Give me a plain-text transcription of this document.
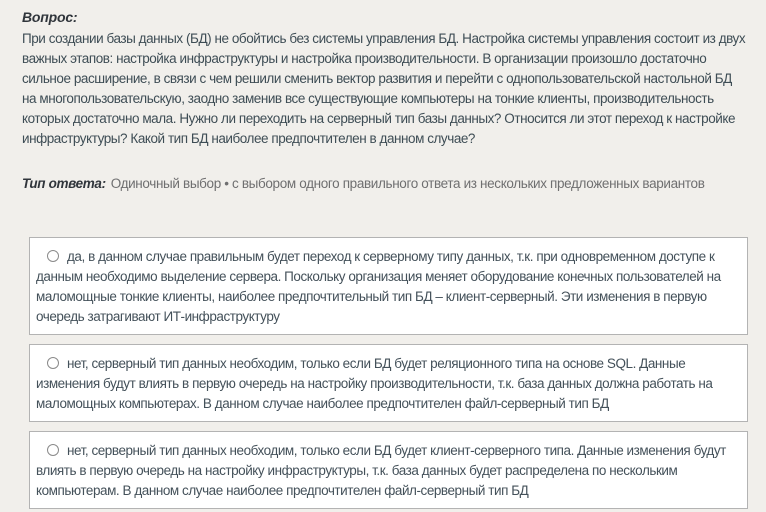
Вопрос:
При создании базы данных (БД) не обойтись без системы управления БД. Настройка системы управления состоит из двух важных этапов: настройка инфраструктуры и настройка производительности. В организации произошло достаточно сильное расширение, в связи с чем решили сменить вектор развития и перейти с однопользовательской настольной БД на многопользовательскую, заодно заменив все существующие компьютеры на тонкие клиенты, производительность которых достаточно мала. Нужно ли переходить на серверный тип базы данных? Относится ли этот переход к настройке инфраструктуры? Какой тип БД наиболее предпочтителен в данном случае?
Тип ответа: Одиночный выбор • с выбором одного правильного ответа из нескольких предложенных вариантов
да, в данном случае правильным будет переход к серверному типу данных, т.к. при одновременном доступе к данным необходимо выделение сервера. Поскольку организация меняет оборудование конечных пользователей на маломощные тонкие клиенты, наиболее предпочтительный тип БД – клиент-серверный. Эти изменения в первую очередь затрагивают ИТ-инфраструктуру
нет, серверный тип данных необходим, только если БД будет реляционного типа на основе SQL. Данные изменения будут влиять в первую очередь на настройку производительности, т.к. база данных должна работать на маломощных компьютерах. В данном случае наиболее предпочтителен файл-серверный тип БД
нет, серверный тип данных необходим, только если БД будет клиент-серверного типа. Данные изменения будут влиять в первую очередь на настройку инфраструктуры, т.к. база данных будет распределена по нескольким компьютерам. В данном случае наиболее предпочтителен файл-серверный тип БД
